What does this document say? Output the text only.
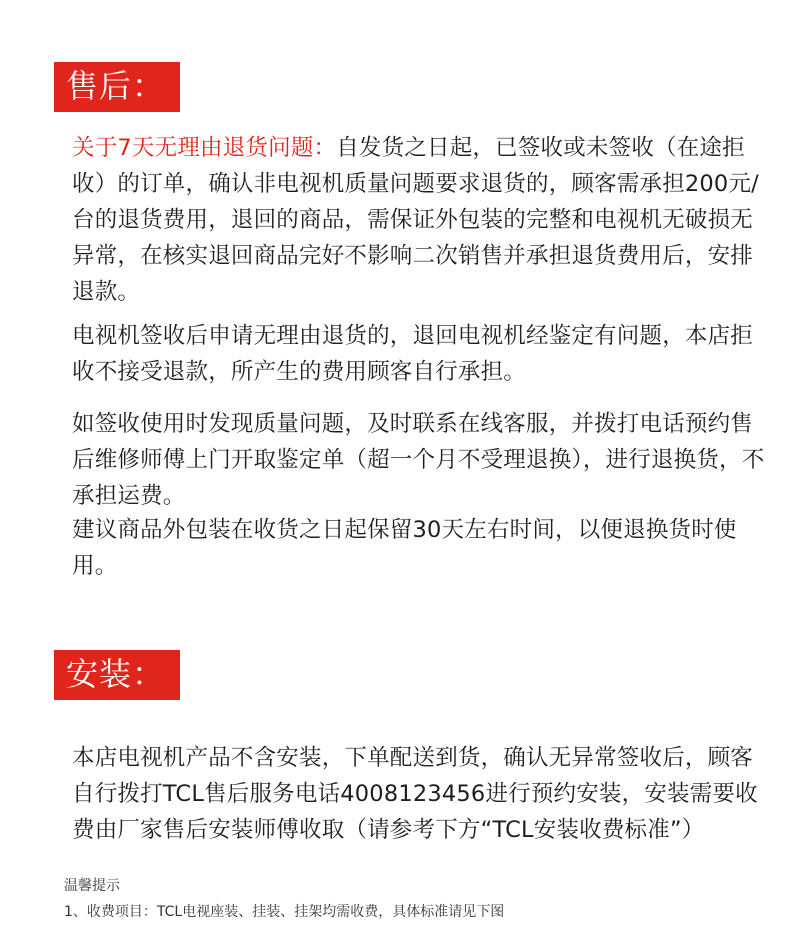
售后：

关于7天无理由退货问题：自发货之日起，已签收或未签收（在途拒收）的订单，确认非电视机质量问题要求退货的，顾客需承担200元/台的退货费用，退回的商品，需保证外包装的完整和电视机无破损无异常，在核实退回商品完好不影响二次销售并承担退货费用后，安排退款。

电视机签收后申请无理由退货的，退回电视机经鉴定有问题，本店拒收不接受退款，所产生的费用顾客自行承担。

如签收使用时发现质量问题，及时联系在线客服，并拨打电话预约售后维修师傅上门开取鉴定单（超一个月不受理退换），进行退换货，不承担运费。

建议商品外包装在收货之日起保留30天左右时间，以便退换货时使用。

安装：

本店电视机产品不含安装，下单配送到货，确认无异常签收后，顾客自行拨打TCL售后服务电话4008123456进行预约安装，安装需要收费由厂家售后安装师傅收取（请参考下方“TCL安装收费标准”）

温馨提示
1、收费项目：TCL电视座装、挂装、挂架均需收费，具体标准请见下图
